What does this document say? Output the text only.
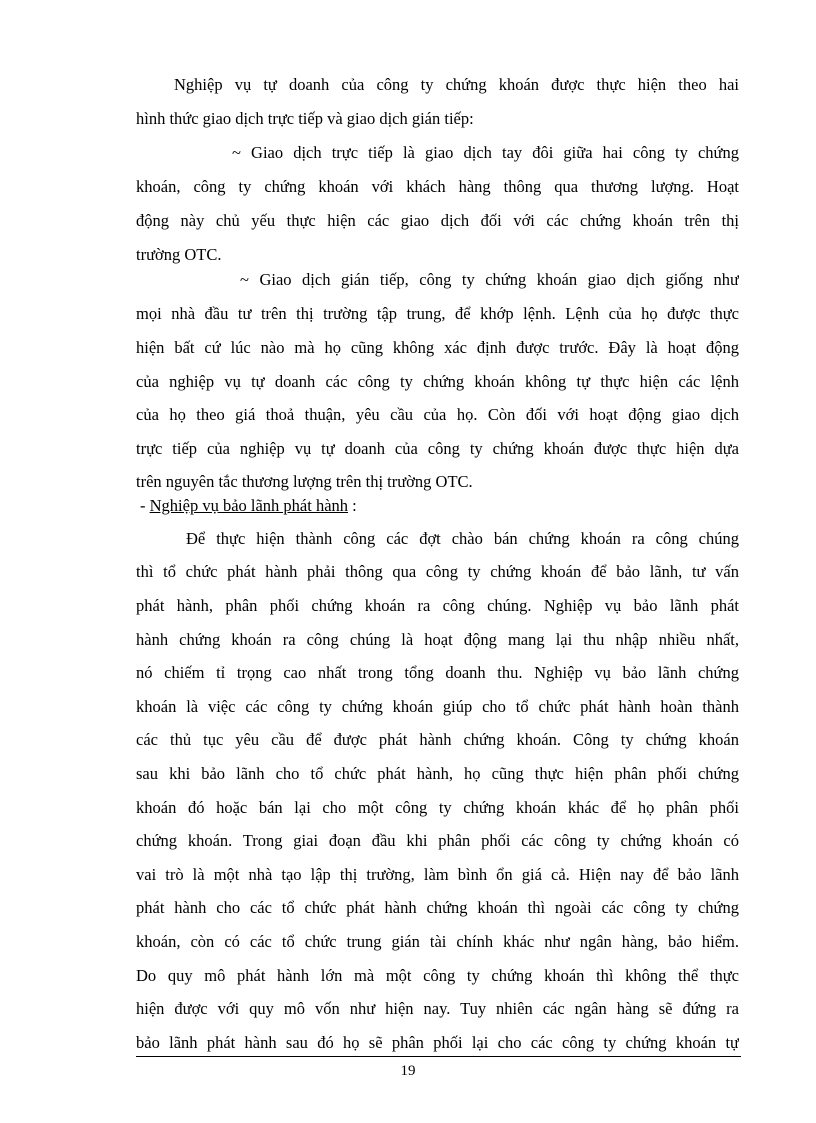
Nghiệp vụ tự doanh của công ty chứng khoán được thực hiện theo hai
hình thức giao dịch trực tiếp và giao dịch gián tiếp:
~ Giao dịch trực tiếp là giao dịch tay đôi giữa hai công ty chứng
khoán, công ty chứng khoán với khách hàng thông qua thương lượng. Hoạt
động này chủ yếu thực hiện các giao dịch đối với các chứng khoán trên thị
trường OTC.
~ Giao dịch gián tiếp, công ty chứng khoán giao dịch giống như
mọi nhà đầu tư trên thị trường tập trung, để khớp lệnh. Lệnh của họ được thực
hiện bất cứ lúc nào mà họ cũng không xác định được trước. Đây là hoạt động
của nghiệp vụ tự doanh các công ty chứng khoán không tự thực hiện các lệnh
của họ theo giá thoả thuận, yêu cầu của họ. Còn đối với hoạt động giao dịch
trực tiếp của nghiệp vụ tự doanh của công ty chứng khoán được thực hiện dựa
trên nguyên tắc thương lượng trên thị trường OTC.
- Nghiệp vụ bảo lãnh phát hành :
Để thực hiện thành công các đợt chào bán chứng khoán ra công chúng
thì tổ chức phát hành phải thông qua công ty chứng khoán để bảo lãnh, tư vấn
phát hành, phân phối chứng khoán ra công chúng. Nghiệp vụ bảo lãnh phát
hành chứng khoán ra công chúng là hoạt động mang lại thu nhập nhiều nhất,
nó chiếm tỉ trọng cao nhất trong tổng doanh thu. Nghiệp vụ bảo lãnh chứng
khoán là việc các công ty chứng khoán giúp cho tổ chức phát hành hoàn thành
các thủ tục yêu cầu để được phát hành chứng khoán. Công ty chứng khoán
sau khi bảo lãnh cho tổ chức phát hành, họ cũng thực hiện phân phối chứng
khoán đó hoặc bán lại cho một công ty chứng khoán khác để họ phân phối
chứng khoán. Trong giai đoạn đầu khi phân phối các công ty chứng khoán có
vai trò là một nhà tạo lập thị trường, làm bình ổn giá cả. Hiện nay để bảo lãnh
phát hành cho các tổ chức phát hành chứng khoán thì ngoài các công ty chứng
khoán, còn có các tổ chức trung gián tài chính khác như ngân hàng, bảo hiểm.
Do quy mô phát hành lớn mà một công ty chứng khoán thì không thể thực
hiện được với quy mô vốn như hiện nay. Tuy nhiên các ngân hàng sẽ đứng ra
bảo lãnh phát hành sau đó họ sẽ phân phối lại cho các công ty chứng khoán tự
19
